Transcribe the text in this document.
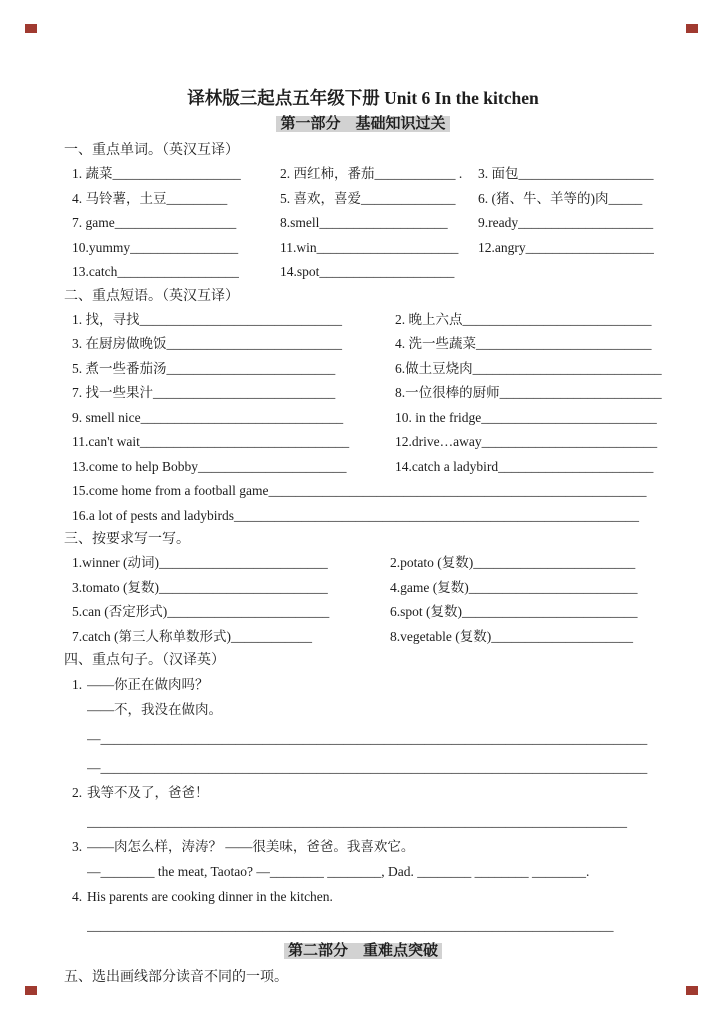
译林版三起点五年级下册 Unit 6 In the kitchen
第一部分　基础知识过关
一、重点单词。（英汉互译）
1. 蔬菜___________________	2. 西红柿，番茄____________ .	3. 面包____________________
4. 马铃薯，土豆_________	5. 喜欢，喜爱______________	6. (猪、牛、羊等的)肉_____
7. game__________________	8.smell___________________	9.ready____________________
10.yummy________________	11.win_____________________	12.angry___________________
13.catch__________________	14.spot____________________
二、重点短语。（英汉互译）
1. 找，寻找______________________________	2. 晚上六点____________________________
3. 在厨房做晚饭__________________________	4. 洗一些蔬菜__________________________
5. 煮一些番茄汤_________________________	6.做土豆烧肉____________________________
7. 找一些果汁___________________________	8.一位很棒的厨师________________________
9. smell nice______________________________	10. in the fridge__________________________
11.can't wait_______________________________	12.drive…away__________________________
13.come to help Bobby______________________	14.catch a ladybird_______________________
15.come home from a football game________________________________________________________
16.a lot of pests and ladybirds____________________________________________________________
三、按要求写一写。
1.winner (动词)_________________________	2.potato (复数)________________________
3.tomato (复数)_________________________	4.game (复数)_________________________
5.can (否定形式)________________________	6.spot (复数)__________________________
7.catch (第三人称单数形式)____________	8.vegetable (复数)_____________________
四、重点句子。（汉译英）
1. ——你正在做肉吗？
——不，我没在做肉。
—_________________________________________________________________________________
—_________________________________________________________________________________
2. 我等不及了，爸爸！
________________________________________________________________________________
3. ——肉怎么样，涛涛？ ——很美味，爸爸。我喜欢它。
—________ the meat, Taotao? —________ ________, Dad. ________ ________ ________.
4. His parents are cooking dinner in the kitchen.
______________________________________________________________________________
第二部分　重难点突破
五、选出画线部分读音不同的一项。
